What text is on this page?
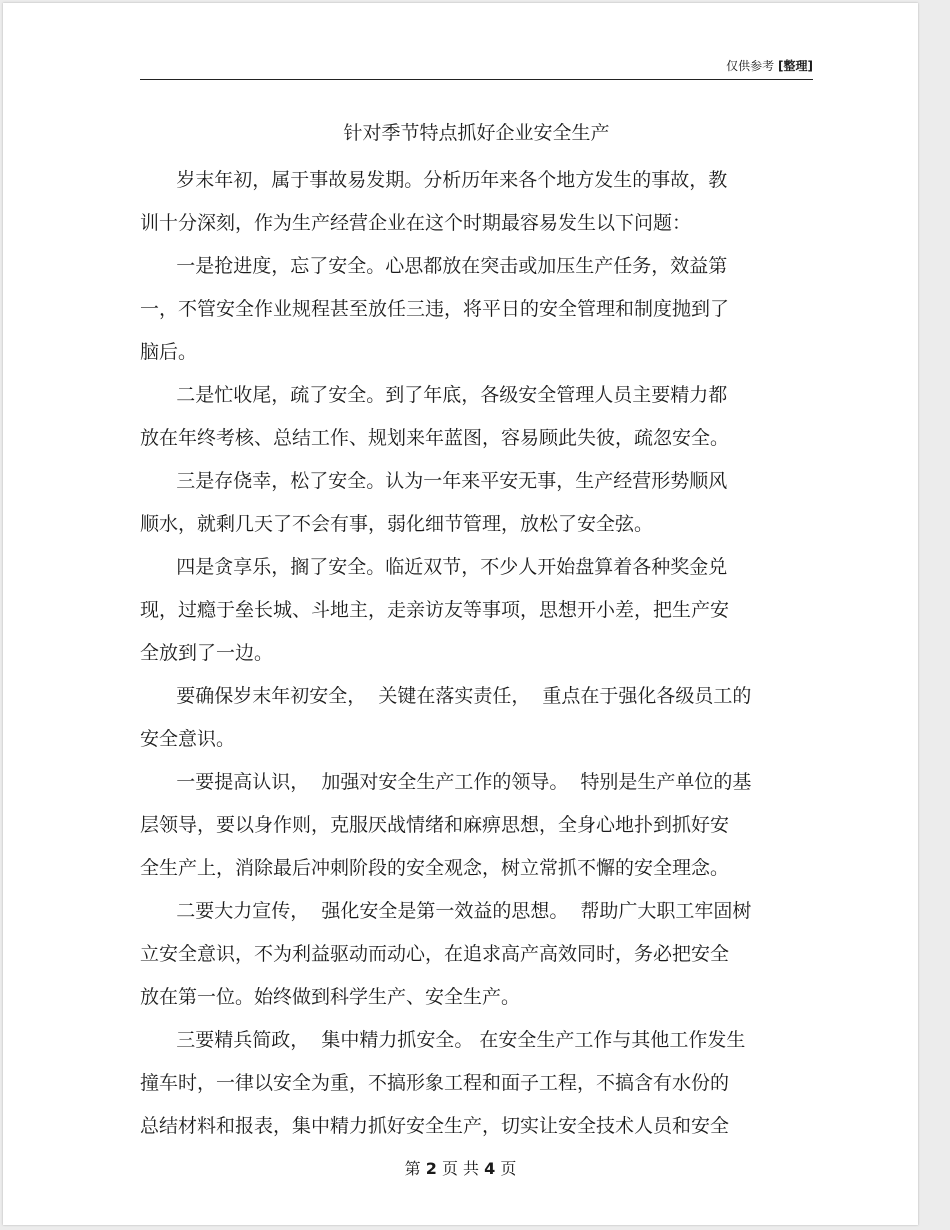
仅供参考 [整理]
针对季节特点抓好企业安全生产
岁末年初，属于事故易发期。分析历年来各个地方发生的事故，教
训十分深刻，作为生产经营企业在这个时期最容易发生以下问题：
一是抢进度，忘了安全。心思都放在突击或加压生产任务，效益第
一，不管安全作业规程甚至放任三违，将平日的安全管理和制度抛到了
脑后。
二是忙收尾，疏了安全。到了年底，各级安全管理人员主要精力都
放在年终考核、总结工作、规划来年蓝图，容易顾此失彼，疏忽安全。
三是存侥幸，松了安全。认为一年来平安无事，生产经营形势顺风
顺水，就剩几天了不会有事，弱化细节管理，放松了安全弦。
四是贪享乐，搁了安全。临近双节，不少人开始盘算着各种奖金兑
现，过瘾于垒长城、斗地主，走亲访友等事项，思想开小差，把生产安
全放到了一边。
要确保岁末年初安全，  关键在落实责任，  重点在于强化各级员工的
安全意识。
一要提高认识，  加强对安全生产工作的领导。  特别是生产单位的基
层领导，要以身作则，克服厌战情绪和麻痹思想，全身心地扑到抓好安
全生产上，消除最后冲刺阶段的安全观念，树立常抓不懈的安全理念。
二要大力宣传，  强化安全是第一效益的思想。  帮助广大职工牢固树
立安全意识，不为利益驱动而动心，在追求高产高效同时，务必把安全
放在第一位。始终做到科学生产、安全生产。
三要精兵简政，  集中精力抓安全。 在安全生产工作与其他工作发生
撞车时，一律以安全为重，不搞形象工程和面子工程，不搞含有水份的
总结材料和报表，集中精力抓好安全生产，切实让安全技术人员和安全
第 2 页 共 4 页
